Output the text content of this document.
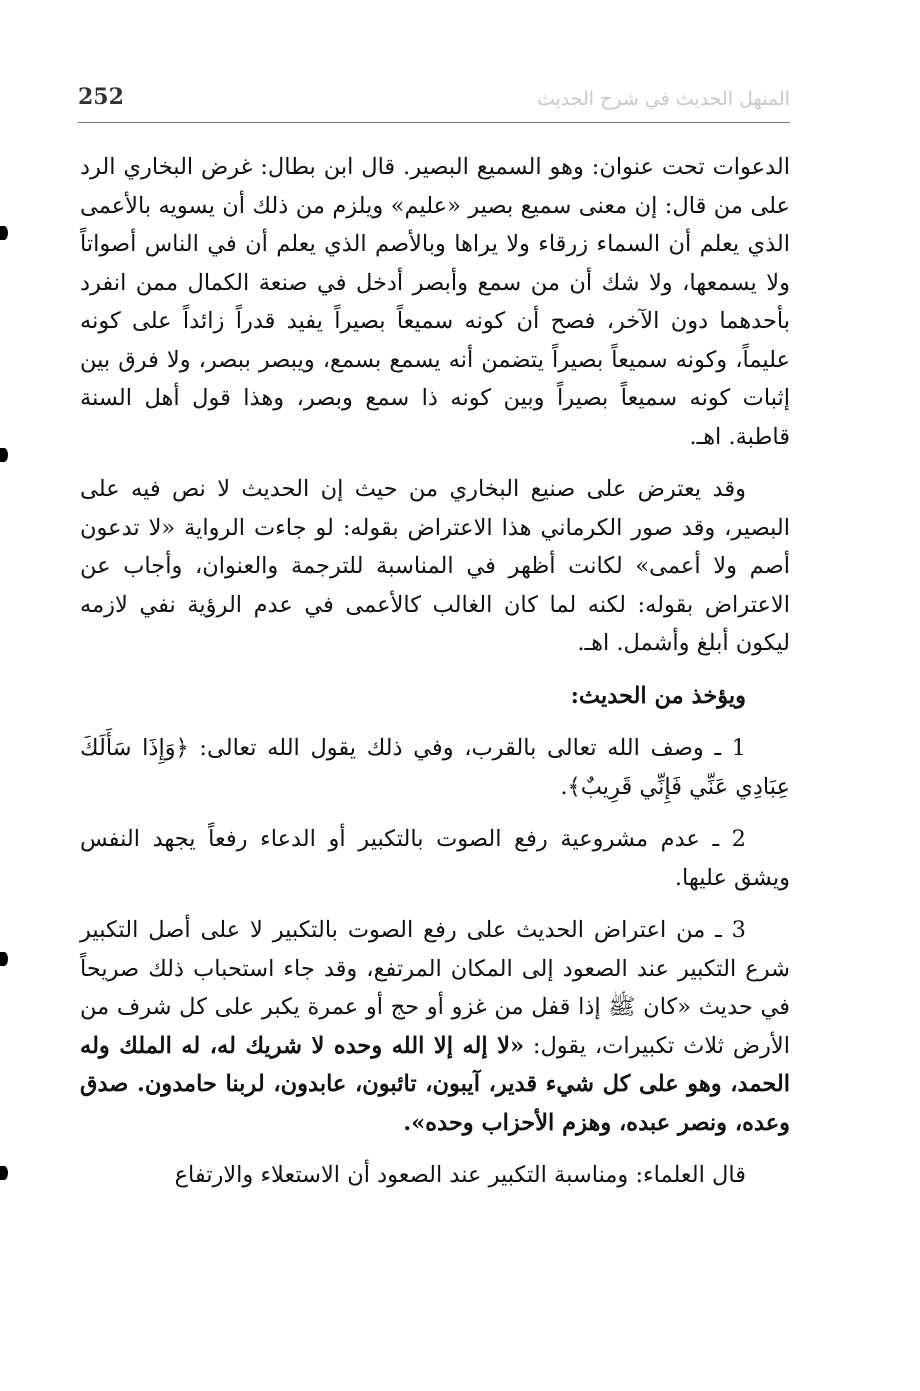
252	المنهل الحديث في شرح الحديث

الدعوات تحت عنوان: وهو السميع البصير. قال ابن بطال: غرض البخاري الرد على من قال: إن معنى سميع بصير «عليم» ويلزم من ذلك أن يسويه بالأعمى الذي يعلم أن السماء زرقاء ولا يراها وبالأصم الذي يعلم أن في الناس أصواتاً ولا يسمعها، ولا شك أن من سمع وأبصر أدخل في صنعة الكمال ممن انفرد بأحدهما دون الآخر، فصح أن كونه سميعاً بصيراً يفيد قدراً زائداً على كونه عليماً، وكونه سميعاً بصيراً يتضمن أنه يسمع بسمع، ويبصر ببصر، ولا فرق بين إثبات كونه سميعاً بصيراً وبين كونه ذا سمع وبصر، وهذا قول أهل السنة قاطبة. اهـ.

وقد يعترض على صنيع البخاري من حيث إن الحديث لا نص فيه على البصير، وقد صور الكرماني هذا الاعتراض بقوله: لو جاءت الرواية «لا تدعون أصم ولا أعمى» لكانت أظهر في المناسبة للترجمة والعنوان، وأجاب عن الاعتراض بقوله: لكنه لما كان الغالب كالأعمى في عدم الرؤية نفي لازمه ليكون أبلغ وأشمل. اهـ.

ويؤخذ من الحديث:

1 ـ وصف الله تعالى بالقرب، وفي ذلك يقول الله تعالى: ﴿وَإِذَا سَأَلَكَ عِبَادِي عَنِّي فَإِنِّي قَرِيبٌ﴾.

2 ـ عدم مشروعية رفع الصوت بالتكبير أو الدعاء رفعاً يجهد النفس ويشق عليها.

3 ـ من اعتراض الحديث على رفع الصوت بالتكبير لا على أصل التكبير شرع التكبير عند الصعود إلى المكان المرتفع، وقد جاء استحباب ذلك صريحاً في حديث «كان ﷺ إذا قفل من غزو أو حج أو عمرة يكبر على كل شرف من الأرض ثلاث تكبيرات، يقول: «لا إله إلا الله وحده لا شريك له، له الملك وله الحمد، وهو على كل شيء قدير، آيبون، تائبون، عابدون، لربنا حامدون. صدق وعده، ونصر عبده، وهزم الأحزاب وحده».

قال العلماء: ومناسبة التكبير عند الصعود أن الاستعلاء والارتفاع
